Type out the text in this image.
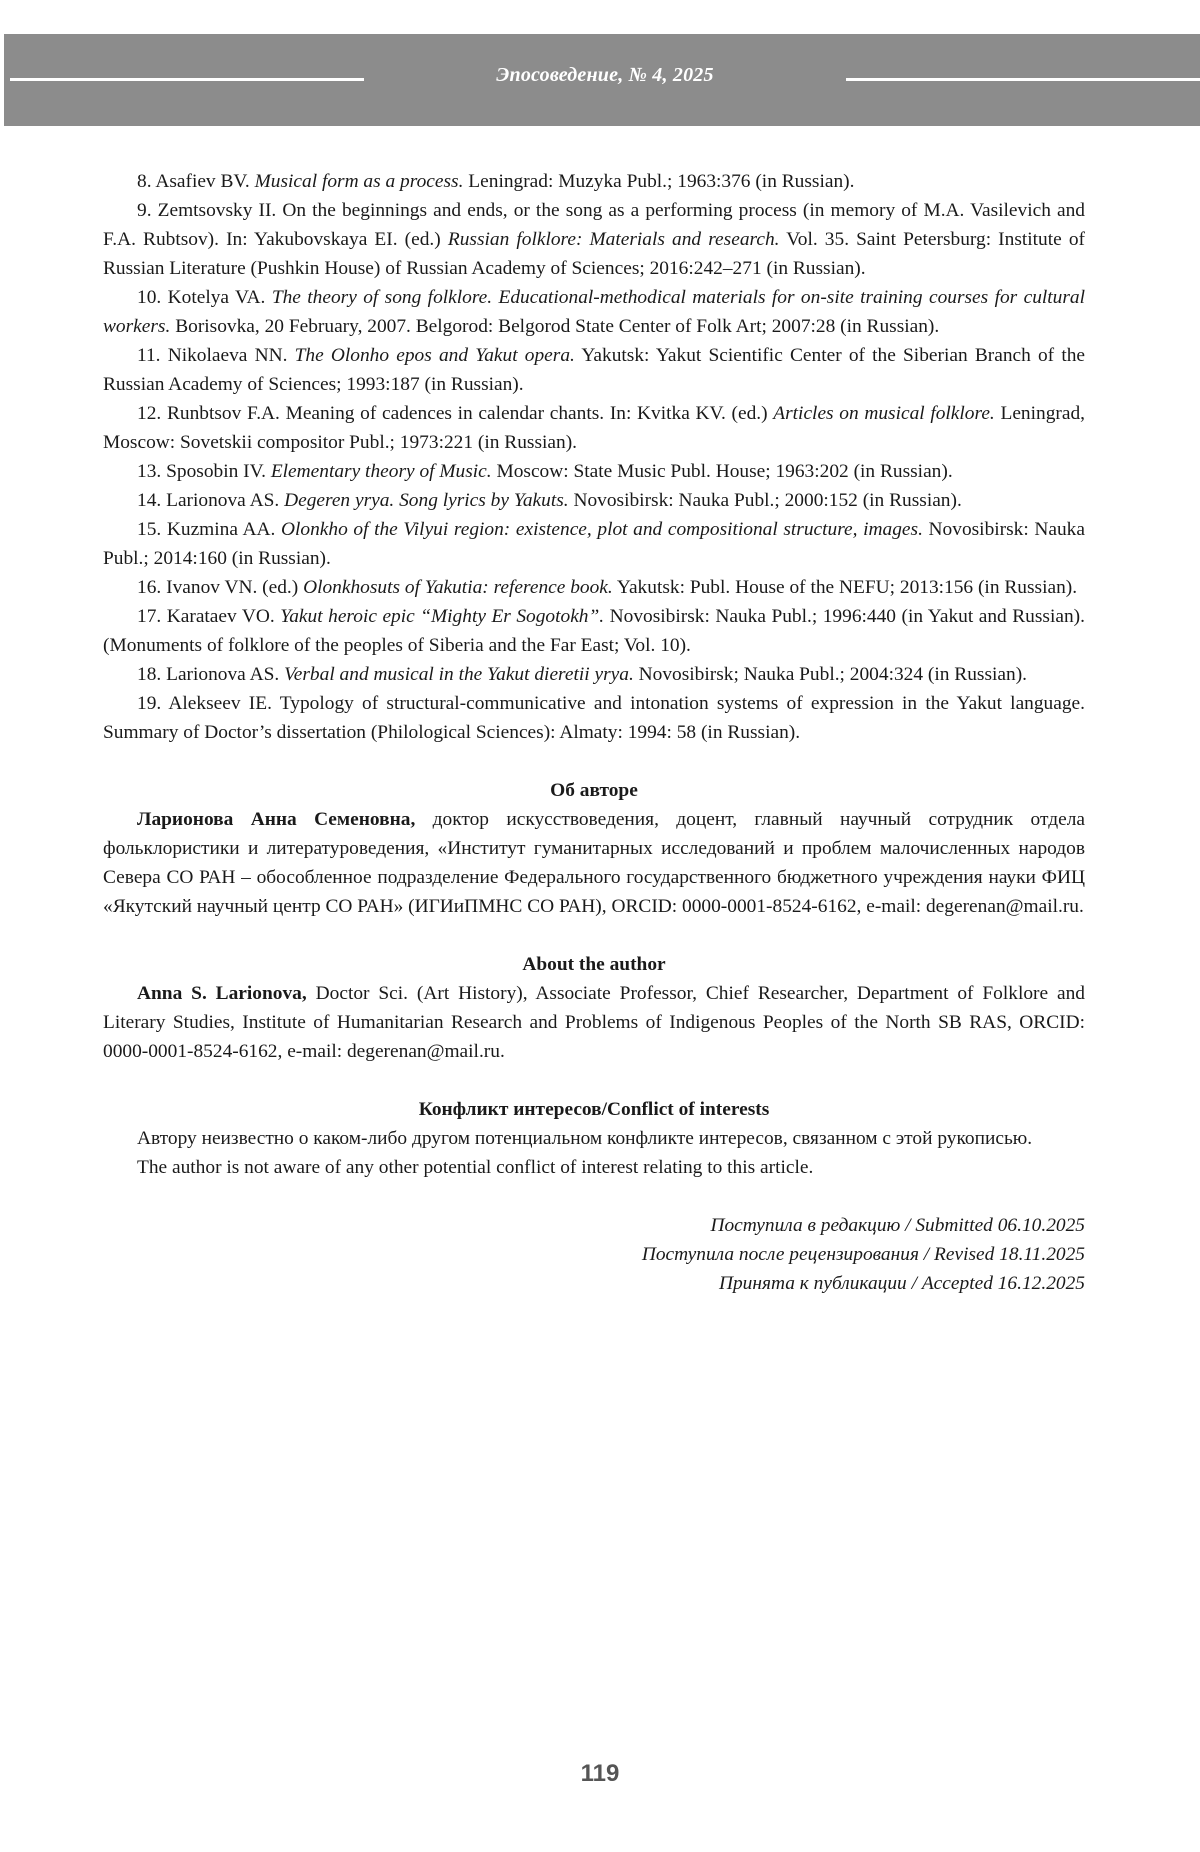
Эпосоведение, № 4, 2025

8. Asafiev BV. Musical form as a process. Leningrad: Muzyka Publ.; 1963:376 (in Russian).

9. Zemtsovsky II. On the beginnings and ends, or the song as a performing process (in memory of M.A. Vasilevich and F.A. Rubtsov). In: Yakubovskaya EI. (ed.) Russian folklore: Materials and research. Vol. 35. Saint Petersburg: Institute of Russian Literature (Pushkin House) of Russian Academy of Sciences; 2016:242–271 (in Russian).

10. Kotelya VA. The theory of song folklore. Educational-methodical materials for on-site training courses for cultural workers. Borisovka, 20 February, 2007. Belgorod: Belgorod State Center of Folk Art; 2007:28 (in Russian).

11. Nikolaeva NN. The Olonho epos and Yakut opera. Yakutsk: Yakut Scientific Center of the Siberian Branch of the Russian Academy of Sciences; 1993:187 (in Russian).

12. Runbtsov F.A. Meaning of cadences in calendar chants. In: Kvitka KV. (ed.) Articles on musical folklore. Leningrad, Moscow: Sovetskii compositor Publ.; 1973:221 (in Russian).

13. Sposobin IV. Elementary theory of Music. Moscow: State Music Publ. House; 1963:202 (in Russian).

14. Larionova AS. Degeren yrya. Song lyrics by Yakuts. Novosibirsk: Nauka Publ.; 2000:152 (in Russian).

15. Kuzmina AA. Olonkho of the Vilyui region: existence, plot and compositional structure, images. Novosibirsk: Nauka Publ.; 2014:160 (in Russian).

16. Ivanov VN. (ed.) Olonkhosuts of Yakutia: reference book. Yakutsk: Publ. House of the NEFU; 2013:156 (in Russian).

17. Karataev VO. Yakut heroic epic “Mighty Er Sogotokh”. Novosibirsk: Nauka Publ.; 1996:440 (in Yakut and Russian). (Monuments of folklore of the peoples of Siberia and the Far East; Vol. 10).

18. Larionova AS. Verbal and musical in the Yakut dieretii yrya. Novosibirsk; Nauka Publ.; 2004:324 (in Russian).

19. Alekseev IE. Typology of structural-communicative and intonation systems of expression in the Yakut language. Summary of Doctor’s dissertation (Philological Sciences): Almaty: 1994: 58 (in Russian).

Об авторе

Ларионова Анна Семеновна, доктор искусствоведения, доцент, главный научный сотрудник отдела фольклористики и литературоведения, «Институт гуманитарных исследований и проблем малочисленных народов Севера СО РАН – обособленное подразделение Федерального государственного бюджетного учреждения науки ФИЦ «Якутский научный центр СО РАН» (ИГИиПМНС СО РАН), ORCID: 0000-0001-8524-6162, e-mail: degerenan@mail.ru.

About the author

Anna S. Larionova, Doctor Sci. (Art History), Associate Professor, Chief Researcher, Department of Folklore and Literary Studies, Institute of Humanitarian Research and Problems of Indigenous Peoples of the North SB RAS, ORCID: 0000-0001-8524-6162, e-mail: degerenan@mail.ru.

Конфликт интересов/Conflict of interests

Автору неизвестно о каком-либо другом потенциальном конфликте интересов, связанном с этой рукописью.

The author is not aware of any other potential conflict of interest relating to this article.

Поступила в редакцию / Submitted 06.10.2025
Поступила после рецензирования / Revised 18.11.2025
Принята к публикации / Accepted 16.12.2025
119
